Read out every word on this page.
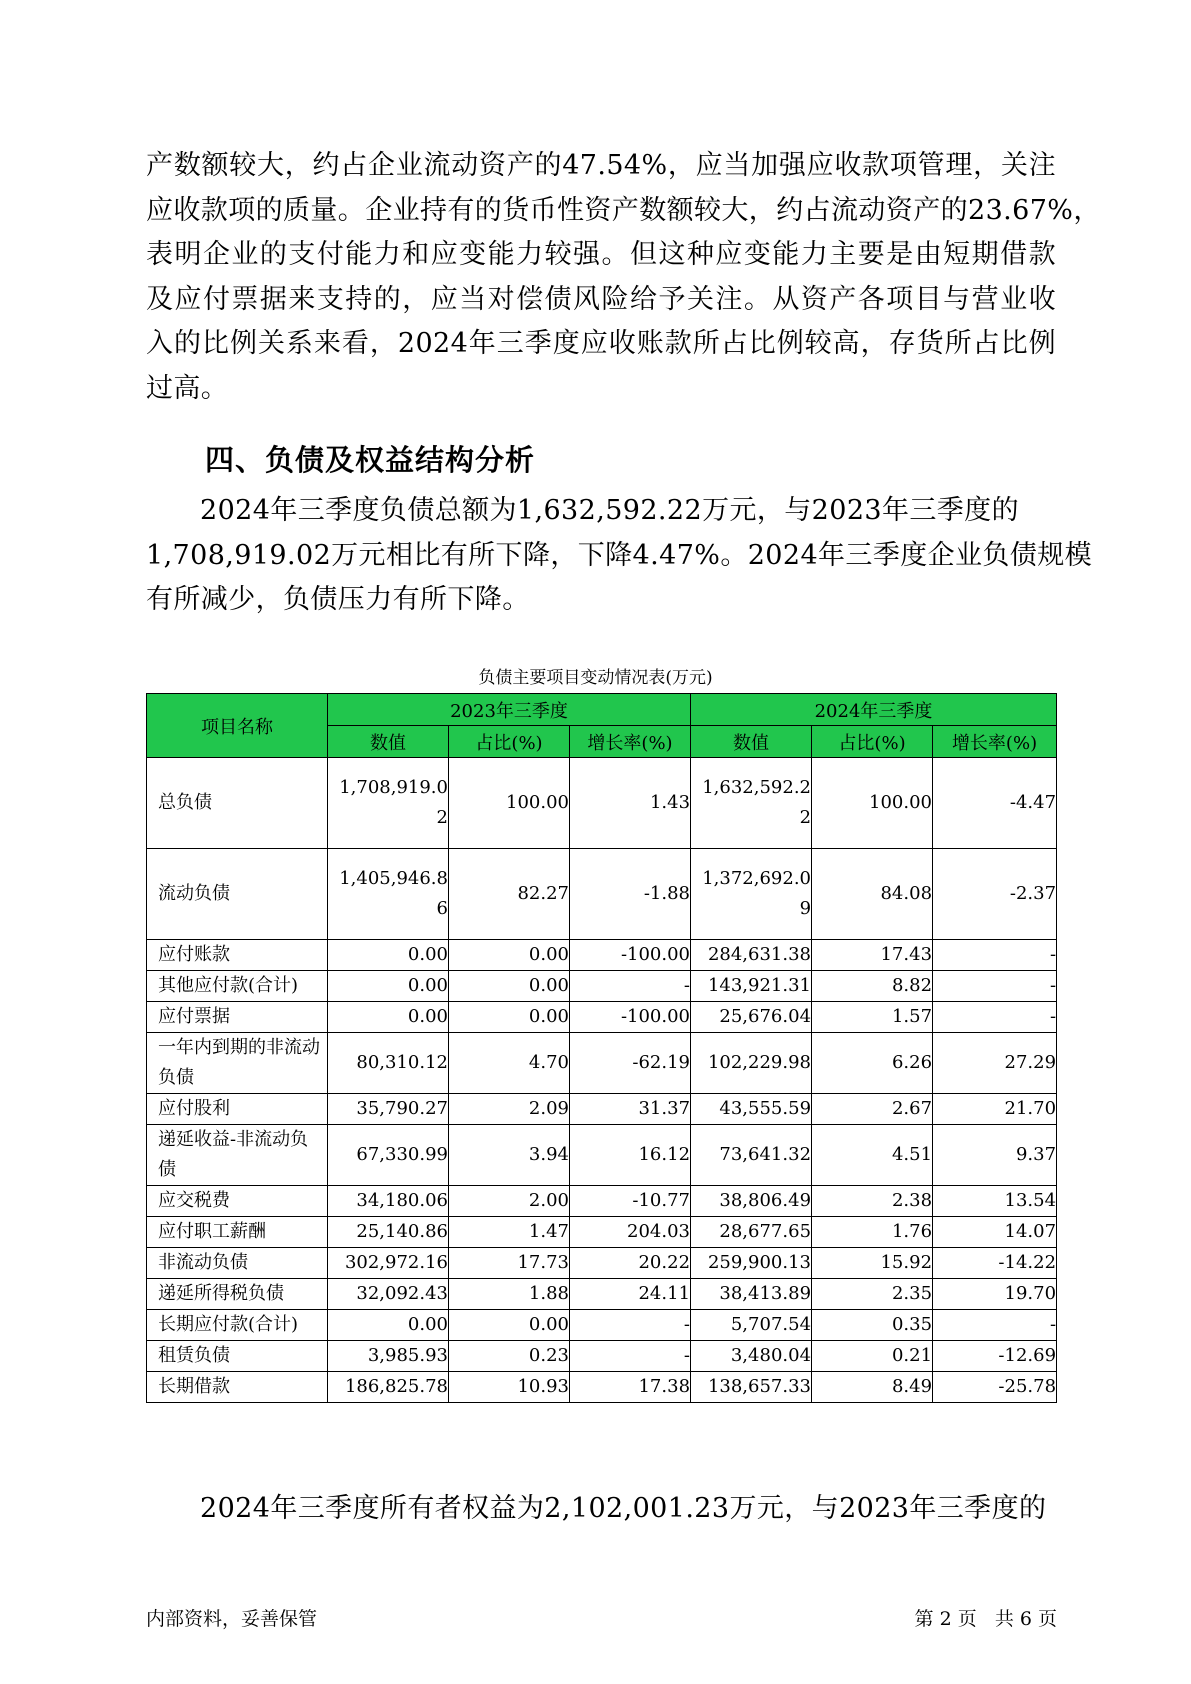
产数额较大，约占企业流动资产的47.54%，应当加强应收款项管理，关注
应收款项的质量。企业持有的货币性资产数额较大，约占流动资产的23.67%，
表明企业的支付能力和应变能力较强。但这种应变能力主要是由短期借款
及应付票据来支持的，应当对偿债风险给予关注。从资产各项目与营业收
入的比例关系来看，2024年三季度应收账款所占比例较高，存货所占比例
过高。
四、负债及权益结构分析
2024年三季度负债总额为1,632,592.22万元，与2023年三季度的
1,708,919.02万元相比有所下降，下降4.47%。2024年三季度企业负债规模
有所减少，负债压力有所下降。

负债主要项目变动情况表(万元)

项目名称	2023年三季度			2024年三季度		
	数值	占比(%)	增长率(%)	数值	占比(%)	增长率(%)
总负债	1,708,919.02	100.00	1.43	1,632,592.22	100.00	-4.47
流动负债	1,405,946.86	82.27	-1.88	1,372,692.09	84.08	-2.37
应付账款	0.00	0.00	-100.00	284,631.38	17.43	-
其他应付款(合计)	0.00	0.00	-	143,921.31	8.82	-
应付票据	0.00	0.00	-100.00	25,676.04	1.57	-
一年内到期的非流动负债	80,310.12	4.70	-62.19	102,229.98	6.26	27.29
应付股利	35,790.27	2.09	31.37	43,555.59	2.67	21.70
递延收益-非流动负债	67,330.99	3.94	16.12	73,641.32	4.51	9.37
应交税费	34,180.06	2.00	-10.77	38,806.49	2.38	13.54
应付职工薪酬	25,140.86	1.47	204.03	28,677.65	1.76	14.07
非流动负债	302,972.16	17.73	20.22	259,900.13	15.92	-14.22
递延所得税负债	32,092.43	1.88	24.11	38,413.89	2.35	19.70
长期应付款(合计)	0.00	0.00	-	5,707.54	0.35	-
租赁负债	3,985.93	0.23	-	3,480.04	0.21	-12.69
长期借款	186,825.78	10.93	17.38	138,657.33	8.49	-25.78
2024年三季度所有者权益为2,102,001.23万元，与2023年三季度的

内部资料，妥善保管	第 2 页   共 6 页
